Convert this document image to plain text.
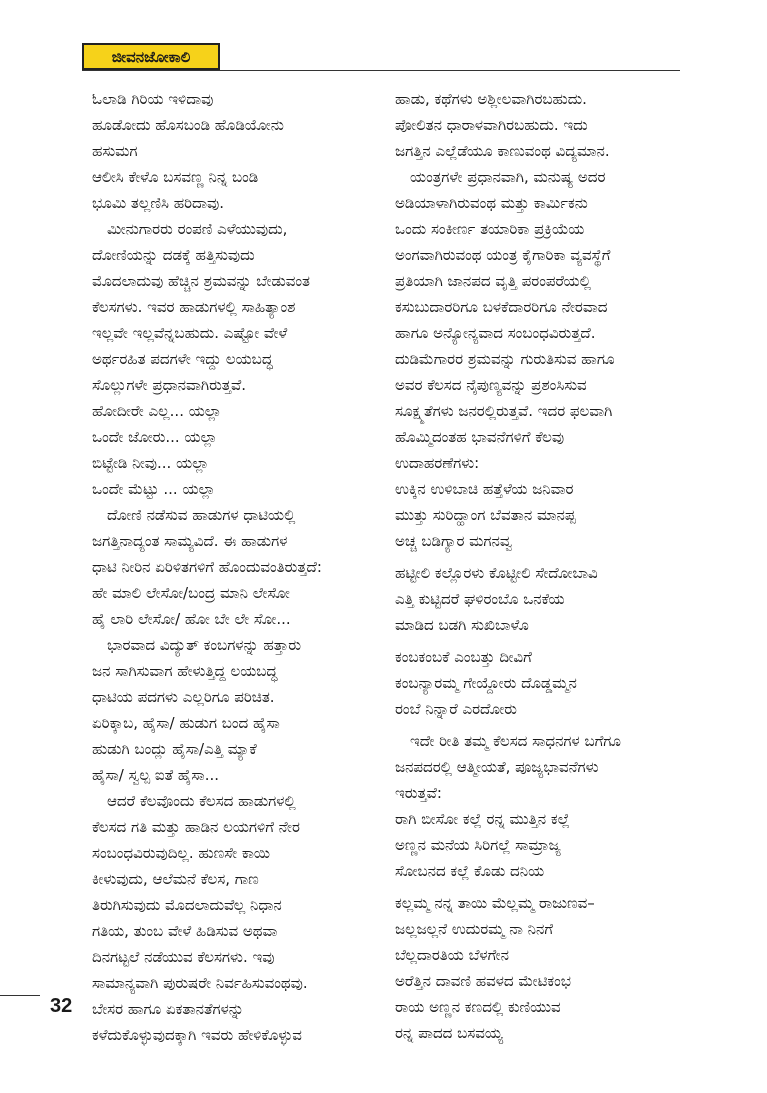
ಜೀವನಜೋಕಾಲಿ
ಓಲಾಡಿ ಗಿರಿಯ ಇಳಿದಾವು
ಹೂಡೋದು ಹೊಸಬಂಡಿ ಹೊಡಿಯೋನು
ಹಸುಮಗ
ಆಲೀಸಿ ಕೇಳೊ ಬಸವಣ್ಣ ನಿನ್ನ ಬಂಡಿ
ಭೂಮಿ ತಲ್ಲಣಿಸಿ ಹರಿದಾವು.
 ಮೀನುಗಾರರು ರಂಪಣಿ ಎಳೆಯುವುದು,
ದೋಣಿಯನ್ನು ದಡಕ್ಕೆ ಹತ್ತಿಸುವುದು
ಮೊದಲಾದುವು ಹೆಚ್ಚಿನ ಶ್ರಮವನ್ನು ಬೇಡುವಂತ
ಕೆಲಸಗಳು. ಇವರ ಹಾಡುಗಳಲ್ಲಿ ಸಾಹಿತ್ಯಾಂಶ
ಇಲ್ಲವೇ ಇಲ್ಲವೆನ್ನಬಹುದು. ಎಷ್ಟೋ ವೇಳೆ
ಅರ್ಥರಹಿತ ಪದಗಳೇ ಇದ್ದು ಲಯಬದ್ಧ
ಸೊಲ್ಲುಗಳೇ ಪ್ರಧಾನವಾಗಿರುತ್ತವೆ.
ಹೋದೀರೇ ಎಲ್ಲ... ಯಲ್ಲಾ
ಒಂದೇ ಜೋರು... ಯಲ್ಲಾ
ಬಿಟ್ಟೇಡಿ ನೀವು... ಯಲ್ಲಾ
ಒಂದೇ ಮೆಟ್ಟು ... ಯಲ್ಲಾ
 ದೋಣಿ ನಡೆಸುವ ಹಾಡುಗಳ ಧಾಟಿಯಲ್ಲಿ
ಜಗತ್ತಿನಾದ್ಯಂತ ಸಾಮ್ಯವಿದೆ. ಈ ಹಾಡುಗಳ
ಧಾಟಿ ನೀರಿನ ಏರಿಳಿತಗಳಿಗೆ ಹೊಂದುವಂತಿರುತ್ತದೆ:
ಹೇ ಮಾಲಿ ಲೇಸೋ/ಬಂದ್ರ ಮಾನಿ ಲೇಸೋ
ಹೈ ಲಾರಿ ಲೇಸೋ/ ಹೋ ಬೇ ಲೇ ಸೋ...
 ಭಾರವಾದ ವಿದ್ಯುತ್ ಕಂಬಗಳನ್ನು ಹತ್ತಾರು
ಜನ ಸಾಗಿಸುವಾಗ ಹೇಳುತ್ತಿದ್ದ ಲಯಬದ್ಧ
ಧಾಟಿಯ ಪದಗಳು ಎಲ್ಲರಿಗೂ ಪರಿಚಿತ.
ಏರಿಕ್ಕಾಬ, ಹೈಸಾ/ ಹುಡುಗ ಬಂದ ಹೈಸಾ
ಹುಡುಗಿ ಬಂದ್ಲು ಹೈಸಾ/ಎತ್ತಿ ಮ್ಯಾಕೆ
ಹೈಸಾ/ ಸ್ವಲ್ಪ ಐತೆ ಹೈಸಾ...
 ಆದರೆ ಕೆಲವೊಂದು ಕೆಲಸದ ಹಾಡುಗಳಲ್ಲಿ
ಕೆಲಸದ ಗತಿ ಮತ್ತು ಹಾಡಿನ ಲಯಗಳಿಗೆ ನೇರ
ಸಂಬಂಧವಿರುವುದಿಲ್ಲ. ಹುಣಸೇ ಕಾಯಿ
ಕೀಳುವುದು, ಆಲೆಮನೆ ಕೆಲಸ, ಗಾಣ
ತಿರುಗಿಸುವುದು ಮೊದಲಾದುವೆಲ್ಲ ನಿಧಾನ
ಗತಿಯ, ತುಂಬ ವೇಳೆ ಹಿಡಿಸುವ ಅಥವಾ
ದಿನಗಟ್ಟಲೆ ನಡೆಯುವ ಕೆಲಸಗಳು. ಇವು
ಸಾಮಾನ್ಯವಾಗಿ ಪುರುಷರೇ ನಿರ್ವಹಿಸುವಂಥವು.
ಬೇಸರ ಹಾಗೂ ಏಕತಾನತೆಗಳನ್ನು
ಕಳೆದುಕೊಳ್ಳುವುದಕ್ಕಾಗಿ ಇವರು ಹೇಳಿಕೊಳ್ಳುವ
ಹಾಡು, ಕಥೆಗಳು ಅಶ್ಲೀಲವಾಗಿರಬಹುದು.
ಪೋಲಿತನ ಧಾರಾಳವಾಗಿರಬಹುದು. ಇದು
ಜಗತ್ತಿನ ಎಲ್ಲೆಡೆಯೂ ಕಾಣುವಂಥ ವಿದ್ಯಮಾನ.
 ಯಂತ್ರಗಳೇ ಪ್ರಧಾನವಾಗಿ, ಮನುಷ್ಯ ಅದರ
ಅಡಿಯಾಳಾಗಿರುವಂಥ ಮತ್ತು ಕಾರ್ಮಿಕನು
ಒಂದು ಸಂಕೀರ್ಣ ತಯಾರಿಕಾ ಪ್ರಕ್ರಿಯೆಯ
ಅಂಗವಾಗಿರುವಂಥ ಯಂತ್ರ ಕೈಗಾರಿಕಾ ವ್ಯವಸ್ಥೆಗೆ
ಪ್ರತಿಯಾಗಿ ಜಾನಪದ ವೃತ್ತಿ ಪರಂಪರೆಯಲ್ಲಿ
ಕಸುಬುದಾರರಿಗೂ ಬಳಕೆದಾರರಿಗೂ ನೇರವಾದ
ಹಾಗೂ ಅನ್ಯೋನ್ಯವಾದ ಸಂಬಂಧವಿರುತ್ತದೆ.
ದುಡಿಮೆಗಾರರ ಶ್ರಮವನ್ನು ಗುರುತಿಸುವ ಹಾಗೂ
ಅವರ ಕೆಲಸದ ನೈಪುಣ್ಯವನ್ನು ಪ್ರಶಂಸಿಸುವ
ಸೂಕ್ಷ್ಮತೆಗಳು ಜನರಲ್ಲಿರುತ್ತವೆ. ಇದರ ಫಲವಾಗಿ
ಹೊಮ್ಮಿದಂತಹ ಭಾವನೆಗಳಿಗೆ ಕೆಲವು
ಉದಾಹರಣೆಗಳು:
ಉಕ್ಕಿನ ಉಳಿಬಾಚಿ ಹತ್ತೆಳೆಯ ಜನಿವಾರ
ಮುತ್ತು ಸುರಿದ್ಹಾಂಗ ಬೆವತಾನ ಮಾನಪ್ಪ
ಅಚ್ಚ ಬಡಿಗ್ಯಾರ ಮಗನವ್ವ
ಹಟ್ಟೀಲಿ ಕಲ್ಲೊರಳು ಕೊಟ್ಟೀಲಿ ಸೇದೋಬಾವಿ
ಎತ್ತಿ ಕುಟ್ಟಿದರೆ ಘಳಿರಂಬೊ ಒನಕೆಯ
ಮಾಡಿದ ಬಡಗಿ ಸುಖಿಬಾಳೊ
ಕಂಬಕಂಬಕೆ ಎಂಬತ್ತು ದೀವಿಗೆ
ಕಂಬನ್ಯಾರಮ್ಮ ಗೇಯ್ದೋರು ದೊಡ್ಡಮ್ಮನ
ರಂಬೆ ನಿನ್ನಾರೆ ಎರದೋರು
 ಇದೇ ರೀತಿ ತಮ್ಮ ಕೆಲಸದ ಸಾಧನಗಳ ಬಗೆಗೂ
ಜನಪದರಲ್ಲಿ ಆತ್ಮೀಯತೆ, ಪೂಜ್ಯಭಾವನೆಗಳು
ಇರುತ್ತವೆ:
ರಾಗಿ ಬೀಸೋ ಕಲ್ಲೆ ರನ್ನ ಮುತ್ತಿನ ಕಲ್ಲೆ
ಅಣ್ಣನ ಮನೆಯ ಸಿರಿಗಲ್ಲೆ ಸಾಮ್ರಾಜ್ಯ
ಸೋಬನದ ಕಲ್ಲೆ ಕೊಡು ದನಿಯ
ಕಲ್ಲಮ್ಮ ನನ್ನ ತಾಯಿ ಮೆಲ್ಲಮ್ಮ ರಾಜುಣವ–
ಜಲ್ಲಜಲ್ಲನೆ ಉದುರಮ್ಮ ನಾ ನಿನಗೆ
ಬೆಲ್ಲದಾರತಿಯ ಬೆಳಗೇನ
ಅರೆತ್ತಿನ ದಾವಣಿ ಹವಳದ ಮೇಟಿಕಂಭ
ರಾಯ ಅಣ್ಣನ ಕಣದಲ್ಲಿ ಕುಣಿಯುವ
ರನ್ನ ಪಾದದ ಬಸವಯ್ಯ
32
